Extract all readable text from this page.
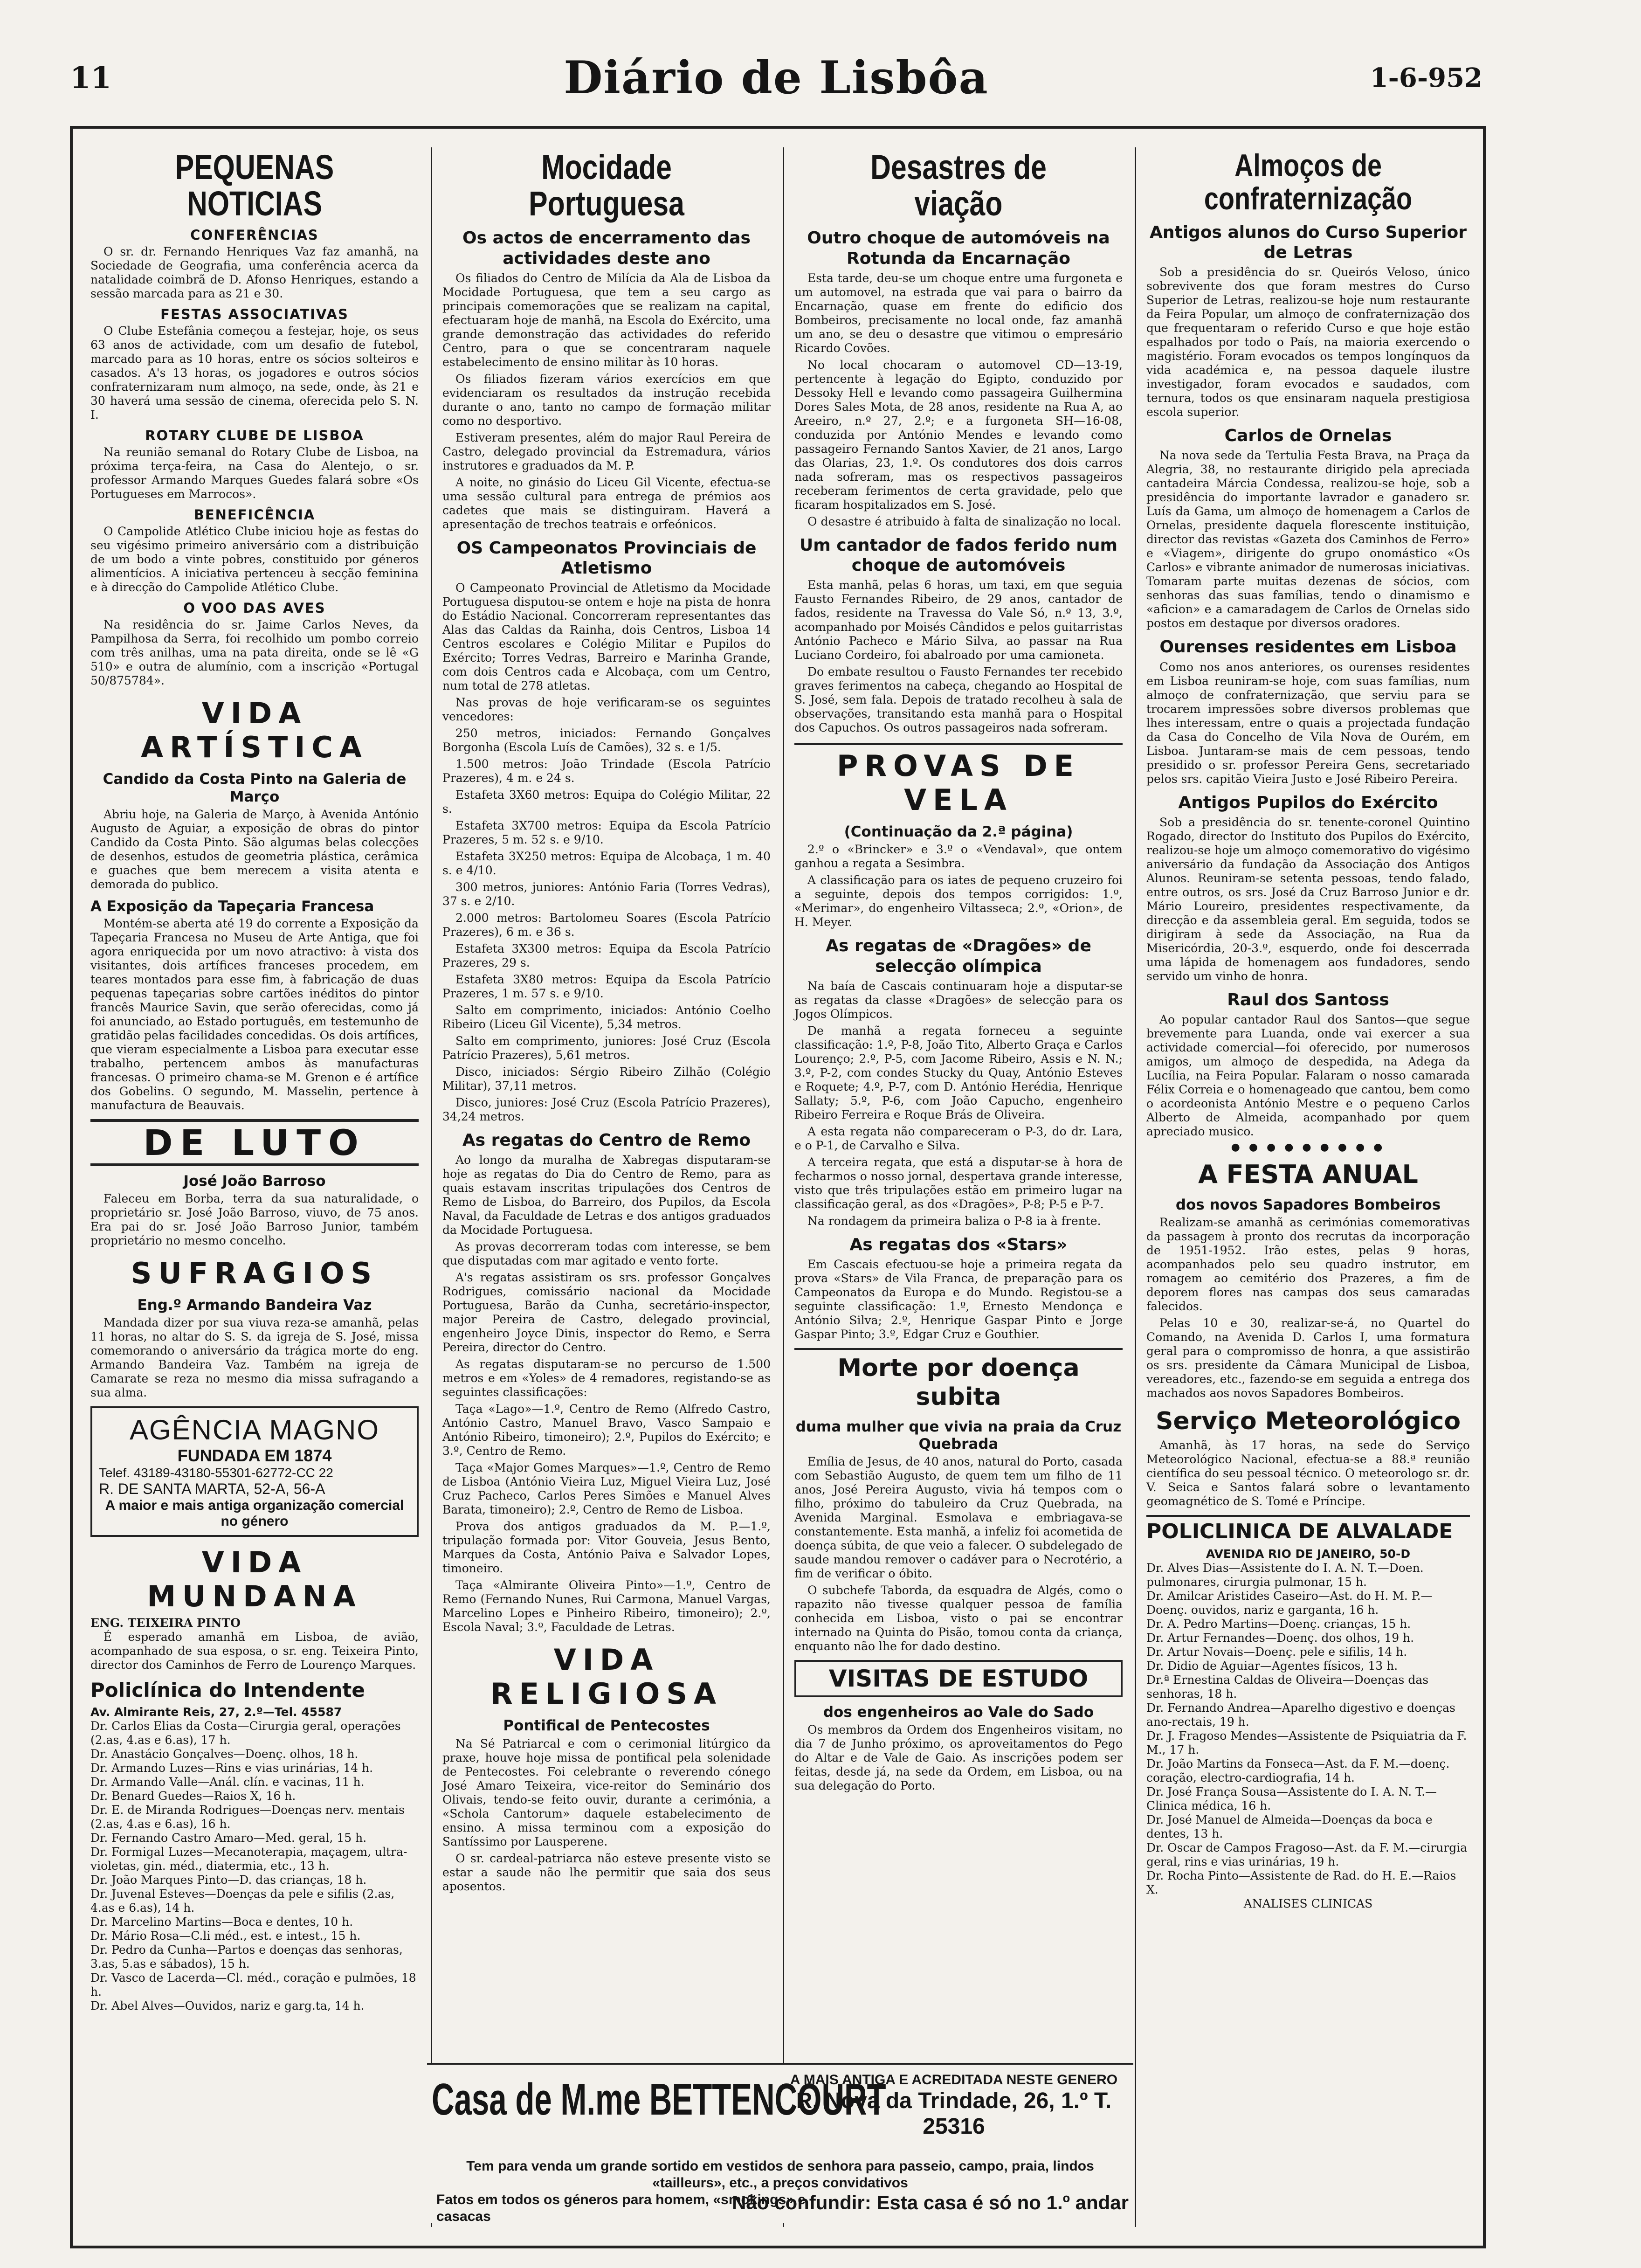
11	Diário de Lisbôa	1-6-952
PEQUENAS NOTICIAS
CONFERÊNCIAS

O sr. dr. Fernando Henriques Vaz faz amanhã, na Sociedade de Geografia, uma conferência acerca da natalidade coimbrã de D. Afonso Henriques, estando a sessão marcada para as 21 e 30.

FESTAS ASSOCIATIVAS

O Clube Estefânia começou a festejar, hoje, os seus 63 anos de actividade, com um desafio de futebol, marcado para as 10 horas, entre os sócios solteiros e casados. A's 13 horas, os jogadores e outros sócios confraternizaram num almoço, na sede, onde, às 21 e 30 haverá uma sessão de cinema, oferecida pelo S. N. I.

ROTARY CLUBE DE LISBOA

Na reunião semanal do Rotary Clube de Lisboa, na próxima terça-feira, na Casa do Alentejo, o sr. professor Armando Marques Guedes falará sobre «Os Portugueses em Marrocos».

BENEFICÊNCIA

O Campolide Atlético Clube iniciou hoje as festas do seu vigésimo primeiro aniversário com a distribuição de um bodo a vinte pobres, constituido por géneros alimentícios. A iniciativa pertenceu à secção feminina e à direcção do Campolide Atlético Clube.

O VOO DAS AVES

Na residência do sr. Jaime Carlos Neves, da Pampilhosa da Serra, foi recolhido um pombo correio com três anilhas, uma na pata direita, onde se lê «G 510» e outra de alumínio, com a inscrição «Portugal 50/875784».

VIDA ARTÍSTICA
Candido da Costa Pinto na Galeria de Março

Abriu hoje, na Galeria de Março, à Avenida António Augusto de Aguiar, a exposição de obras do pintor Candido da Costa Pinto. São algumas belas colecções de desenhos, estudos de geometria plástica, cerâmica e guaches que bem merecem a visita atenta e demorada do publico.

A Exposição da Tapeçaria Francesa

Montém-se aberta até 19 do corrente a Exposição da Tapeçaria Francesa no Museu de Arte Antiga, que foi agora enriquecida por um novo atractivo: à vista dos visitantes, dois artífices franceses procedem, em teares montados para esse fim, à fabricação de duas pequenas tapeçarias sobre cartões inéditos do pintor francês Maurice Savin, que serão oferecidas, como já foi anunciado, ao Estado português, em testemunho de gratidão pelas facilidades concedidas. Os dois artífices, que vieram especialmente a Lisboa para executar esse trabalho, pertencem ambos às manufacturas francesas. O primeiro chama-se M. Grenon e é artífice dos Gobelins. O segundo, M. Masselin, pertence à manufactura de Beauvais.

DE LUTO
José João Barroso

Faleceu em Borba, terra da sua naturalidade, o proprietário sr. José João Barroso, viuvo, de 75 anos. Era pai do sr. José João Barroso Junior, também proprietário no mesmo concelho.

SUFRAGIOS
Eng.º Armando Bandeira Vaz

Mandada dizer por sua viuva reza-se amanhã, pelas 11 horas, no altar do S. S. da igreja de S. José, missa comemorando o aniversário da trágica morte do eng. Armando Bandeira Vaz. Também na igreja de Camarate se reza no mesmo dia missa sufragando a sua alma.

AGÊNCIA MAGNO
FUNDADA EM 1874
Telef. 43189-43180-55301-62772-CC 22
R. DE SANTA MARTA, 52-A, 56-A
A maior e mais antiga organização comercial no género
VIDA MUNDANA
ENG. TEIXEIRA PINTO

É esperado amanhã em Lisboa, de avião, acompanhado de sua esposa, o sr. eng. Teixeira Pinto, director dos Caminhos de Ferro de Lourenço Marques.

Policlínica do Intendente
Av. Almirante Reis, 27, 2.º—Tel. 45587
Dr. Carlos Elias da Costa—Cirurgia geral, operações (2.as, 4.as e 6.as), 17 h.
Dr. Anastácio Gonçalves—Doenç. olhos, 18 h.
Dr. Armando Luzes—Rins e vias urinárias, 14 h.
Dr. Armando Valle—Anál. clín. e vacinas, 11 h.
Dr. Benard Guedes—Raios X, 16 h.
Dr. E. de Miranda Rodrigues—Doenças nerv. mentais (2.as, 4.as e 6.as), 16 h.
Dr. Fernando Castro Amaro—Med. geral, 15 h.
Dr. Formigal Luzes—Mecanoterapia, maçagem, ultra-violetas, gin. méd., diatermia, etc., 13 h.
Dr. João Marques Pinto—D. das crianças, 18 h.
Dr. Juvenal Esteves—Doenças da pele e sifilis (2.as, 4.as e 6.as), 14 h.
Dr. Marcelino Martins—Boca e dentes, 10 h.
Dr. Mário Rosa—C.li méd., est. e intest., 15 h.
Dr. Pedro da Cunha—Partos e doenças das senhoras, 3.as, 5.as e sábados), 15 h.
Dr. Vasco de Lacerda—Cl. méd., coração e pulmões, 18 h.
Dr. Abel Alves—Ouvidos, nariz e garg.ta, 14 h.
Mocidade Portuguesa
Os actos de encerramento das actividades deste ano

Os filiados do Centro de Milícia da Ala de Lisboa da Mocidade Portuguesa, que tem a seu cargo as principais comemorações que se realizam na capital, efectuaram hoje de manhã, na Escola do Exército, uma grande demonstração das actividades do referido Centro, para o que se concentraram naquele estabelecimento de ensino militar às 10 horas.

Os filiados fizeram vários exercícios em que evidenciaram os resultados da instrução recebida durante o ano, tanto no campo de formação militar como no desportivo.

Estiveram presentes, além do major Raul Pereira de Castro, delegado provincial da Estremadura, vários instrutores e graduados da M. P.

A noite, no ginásio do Liceu Gil Vicente, efectua-se uma sessão cultural para entrega de prémios aos cadetes que mais se distinguiram. Haverá a apresentação de trechos teatrais e orfeónicos.

OS Campeonatos Provinciais de Atletismo

O Campeonato Provincial de Atletismo da Mocidade Portuguesa disputou-se ontem e hoje na pista de honra do Estádio Nacional. Concorreram representantes das Alas das Caldas da Rainha, dois Centros, Lisboa 14 Centros escolares e Colégio Militar e Pupilos do Exército; Torres Vedras, Barreiro e Marinha Grande, com dois Centros cada e Alcobaça, com um Centro, num total de 278 atletas.

Nas provas de hoje verificaram-se os seguintes vencedores:

250 metros, iniciados: Fernando Gonçalves Borgonha (Escola Luís de Camões), 32 s. e 1/5.

1.500 metros: João Trindade (Escola Patrício Prazeres), 4 m. e 24 s.

Estafeta 3X60 metros: Equipa do Colégio Militar, 22 s.

Estafeta 3X700 metros: Equipa da Escola Patrício Prazeres, 5 m. 52 s. e 9/10.

Estafeta 3X250 metros: Equipa de Alcobaça, 1 m. 40 s. e 4/10.

300 metros, juniores: António Faria (Torres Vedras), 37 s. e 2/10.

2.000 metros: Bartolomeu Soares (Escola Patrício Prazeres), 6 m. e 36 s.

Estafeta 3X300 metros: Equipa da Escola Patrício Prazeres, 29 s.

Estafeta 3X80 metros: Equipa da Escola Patrício Prazeres, 1 m. 57 s. e 9/10.

Salto em comprimento, iniciados: António Coelho Ribeiro (Liceu Gil Vicente), 5,34 metros.

Salto em comprimento, juniores: José Cruz (Escola Patrício Prazeres), 5,61 metros.

Disco, iniciados: Sérgio Ribeiro Zilhão (Colégio Militar), 37,11 metros.

Disco, juniores: José Cruz (Escola Patrício Prazeres), 34,24 metros.

As regatas do Centro de Remo

Ao longo da muralha de Xabregas disputaram-se hoje as regatas do Dia do Centro de Remo, para as quais estavam inscritas tripulações dos Centros de Remo de Lisboa, do Barreiro, dos Pupilos, da Escola Naval, da Faculdade de Letras e dos antigos graduados da Mocidade Portuguesa.

As provas decorreram todas com interesse, se bem que disputadas com mar agitado e vento forte.

A's regatas assistiram os srs. professor Gonçalves Rodrigues, comissário nacional da Mocidade Portuguesa, Barão da Cunha, secretário-inspector, major Pereira de Castro, delegado provincial, engenheiro Joyce Dinis, inspector do Remo, e Serra Pereira, director do Centro.

As regatas disputaram-se no percurso de 1.500 metros e em «Yoles» de 4 remadores, registando-se as seguintes classificações:

Taça «Lago»—1.º, Centro de Remo (Alfredo Castro, António Castro, Manuel Bravo, Vasco Sampaio e António Ribeiro, timoneiro); 2.º, Pupilos do Exército; e 3.º, Centro de Remo.

Taça «Major Gomes Marques»—1.º, Centro de Remo de Lisboa (António Vieira Luz, Miguel Vieira Luz, José Cruz Pacheco, Carlos Peres Simões e Manuel Alves Barata, timoneiro); 2.º, Centro de Remo de Lisboa.

Prova dos antigos graduados da M. P.—1.º, tripulação formada por: Vitor Gouveia, Jesus Bento, Marques da Costa, António Paiva e Salvador Lopes, timoneiro.

Taça «Almirante Oliveira Pinto»—1.º, Centro de Remo (Fernando Nunes, Rui Carmona, Manuel Vargas, Marcelino Lopes e Pinheiro Ribeiro, timoneiro); 2.º, Escola Naval; 3.º, Faculdade de Letras.

VIDA RELIGIOSA
Pontifical de Pentecostes

Na Sé Patriarcal e com o cerimonial litúrgico da praxe, houve hoje missa de pontifical pela solenidade de Pentecostes. Foi celebrante o reverendo cónego José Amaro Teixeira, vice-reitor do Seminário dos Olivais, tendo-se feito ouvir, durante a cerimónia, a «Schola Cantorum» daquele estabelecimento de ensino. A missa terminou com a exposição do Santíssimo por Lausperene.

O sr. cardeal-patriarca não esteve presente visto se estar a saude não lhe permitir que saia dos seus aposentos.

Desastres de viação
Outro choque de automóveis na Rotunda da Encarnação

Esta tarde, deu-se um choque entre uma furgoneta e um automovel, na estrada que vai para o bairro da Encarnação, quase em frente do edificio dos Bombeiros, precisamente no local onde, faz amanhã um ano, se deu o desastre que vitimou o empresário Ricardo Covões.

No local chocaram o automovel CD—13-19, pertencente à legação do Egipto, conduzido por Dessoky Hell e levando como passageira Guilhermina Dores Sales Mota, de 28 anos, residente na Rua A, ao Areeiro, n.º 27, 2.º; e a furgoneta SH—16-08, conduzida por António Mendes e levando como passageiro Fernando Santos Xavier, de 21 anos, Largo das Olarias, 23, 1.º. Os condutores dos dois carros nada sofreram, mas os respectivos passageiros receberam ferimentos de certa gravidade, pelo que ficaram hospitalizados em S. José.

O desastre é atribuido à falta de sinalização no local.

Um cantador de fados ferido num choque de automóveis

Esta manhã, pelas 6 horas, um taxi, em que seguia Fausto Fernandes Ribeiro, de 29 anos, cantador de fados, residente na Travessa do Vale Só, n.º 13, 3.º, acompanhado por Moisés Cândidos e pelos guitarristas António Pacheco e Mário Silva, ao passar na Rua Luciano Cordeiro, foi abalroado por uma camioneta.

Do embate resultou o Fausto Fernandes ter recebido graves ferimentos na cabeça, chegando ao Hospital de S. José, sem fala. Depois de tratado recolheu à sala de observações, transitando esta manhã para o Hospital dos Capuchos. Os outros passageiros nada sofreram.

PROVAS DE VELA
(Continuação da 2.ª página)

2.º o «Brincker» e 3.º o «Vendaval», que ontem ganhou a regata a Sesimbra.

A classificação para os iates de pequeno cruzeiro foi a seguinte, depois dos tempos corrigidos: 1.º, «Merimar», do engenheiro Viltasseca; 2.º, «Orion», de H. Meyer.

As regatas de «Dragões» de selecção olímpica

Na baía de Cascais continuaram hoje a disputar-se as regatas da classe «Dragões» de selecção para os Jogos Olímpicos.

De manhã a regata forneceu a seguinte classificação: 1.º, P-8, João Tito, Alberto Graça e Carlos Lourenço; 2.º, P-5, com Jacome Ribeiro, Assis e N. N.; 3.º, P-2, com condes Stucky du Quay, António Esteves e Roquete; 4.º, P-7, com D. António Herédia, Henrique Sallaty; 5.º, P-6, com João Capucho, engenheiro Ribeiro Ferreira e Roque Brás de Oliveira.

A esta regata não compareceram o P-3, do dr. Lara, e o P-1, de Carvalho e Silva.

A terceira regata, que está a disputar-se à hora de fecharmos o nosso jornal, despertava grande interesse, visto que três tripulações estão em primeiro lugar na classificação geral, as dos «Dragões», P-8; P-5 e P-7.

Na rondagem da primeira baliza o P-8 ia à frente.

As regatas dos «Stars»

Em Cascais efectuou-se hoje a primeira regata da prova «Stars» de Vila Franca, de preparação para os Campeonatos da Europa e do Mundo. Registou-se a seguinte classificação: 1.º, Ernesto Mendonça e António Silva; 2.º, Henrique Gaspar Pinto e Jorge Gaspar Pinto; 3.º, Edgar Cruz e Gouthier.

Morte por doença subita
duma mulher que vivia na praia da Cruz Quebrada

Emília de Jesus, de 40 anos, natural do Porto, casada com Sebastião Augusto, de quem tem um filho de 11 anos, José Pereira Augusto, vivia há tempos com o filho, próximo do tabuleiro da Cruz Quebrada, na Avenida Marginal. Esmolava e embriagava-se constantemente. Esta manhã, a infeliz foi acometida de doença súbita, de que veio a falecer. O subdelegado de saude mandou remover o cadáver para o Necrotério, a fim de verificar o óbito.

O subchefe Taborda, da esquadra de Algés, como o rapazito não tivesse qualquer pessoa de família conhecida em Lisboa, visto o pai se encontrar internado na Quinta do Pisão, tomou conta da criança, enquanto não lhe for dado destino.

VISITAS DE ESTUDO
dos engenheiros ao Vale do Sado

Os membros da Ordem dos Engenheiros visitam, no dia 7 de Junho próximo, os aproveitamentos do Pego do Altar e de Vale de Gaio. As inscrições podem ser feitas, desde já, na sede da Ordem, em Lisboa, ou na sua delegação do Porto.

Almoços de confraternização
Antigos alunos do Curso Superior de Letras

Sob a presidência do sr. Queirós Veloso, único sobrevivente dos que foram mestres do Curso Superior de Letras, realizou-se hoje num restaurante da Feira Popular, um almoço de confraternização dos que frequentaram o referido Curso e que hoje estão espalhados por todo o País, na maioria exercendo o magistério. Foram evocados os tempos longínquos da vida académica e, na pessoa daquele ilustre investigador, foram evocados e saudados, com ternura, todos os que ensinaram naquela prestigiosa escola superior.

Carlos de Ornelas

Na nova sede da Tertulia Festa Brava, na Praça da Alegria, 38, no restaurante dirigido pela apreciada cantadeira Márcia Condessa, realizou-se hoje, sob a presidência do importante lavrador e ganadero sr. Luís da Gama, um almoço de homenagem a Carlos de Ornelas, presidente daquela florescente instituição, director das revistas «Gazeta dos Caminhos de Ferro» e «Viagem», dirigente do grupo onomástico «Os Carlos» e vibrante animador de numerosas iniciativas. Tomaram parte muitas dezenas de sócios, com senhoras das suas famílias, tendo o dinamismo e «aficion» e a camaradagem de Carlos de Ornelas sido postos em destaque por diversos oradores.

Ourenses residentes em Lisboa

Como nos anos anteriores, os ourenses residentes em Lisboa reuniram-se hoje, com suas famílias, num almoço de confraternização, que serviu para se trocarem impressões sobre diversos problemas que lhes interessam, entre o quais a projectada fundação da Casa do Concelho de Vila Nova de Ourém, em Lisboa. Juntaram-se mais de cem pessoas, tendo presidido o sr. professor Pereira Gens, secretariado pelos srs. capitão Vieira Justo e José Ribeiro Pereira.

Antigos Pupilos do Exército

Sob a presidência do sr. tenente-coronel Quintino Rogado, director do Instituto dos Pupilos do Exército, realizou-se hoje um almoço comemorativo do vigésimo aniversário da fundação da Associação dos Antigos Alunos. Reuniram-se setenta pessoas, tendo falado, entre outros, os srs. José da Cruz Barroso Junior e dr. Mário Loureiro, presidentes respectivamente, da direcção e da assembleia geral. Em seguida, todos se dirigiram à sede da Associação, na Rua da Misericórdia, 20-3.º, esquerdo, onde foi descerrada uma lápida de homenagem aos fundadores, sendo servido um vinho de honra.

Raul dos Santoss

Ao popular cantador Raul dos Santos—que segue brevemente para Luanda, onde vai exercer a sua actividade comercial—foi oferecido, por numerosos amigos, um almoço de despedida, na Adega da Lucília, na Feira Popular. Falaram o nosso camarada Félix Correia e o homenageado que cantou, bem como o acordeonista António Mestre e o pequeno Carlos Alberto de Almeida, acompanhado por quem apreciado musico.

● ● ● ● ● ● ● ● ●
A FESTA ANUAL
dos novos Sapadores Bombeiros

Realizam-se amanhã as cerimónias comemorativas da passagem à pronto dos recrutas da incorporação de 1951-1952. Irão estes, pelas 9 horas, acompanhados pelo seu quadro instrutor, em romagem ao cemitério dos Prazeres, a fim de deporem flores nas campas dos seus camaradas falecidos.

Pelas 10 e 30, realizar-se-á, no Quartel do Comando, na Avenida D. Carlos I, uma formatura geral para o compromisso de honra, a que assistirão os srs. presidente da Câmara Municipal de Lisboa, vereadores, etc., fazendo-se em seguida a entrega dos machados aos novos Sapadores Bombeiros.

Serviço Meteorológico

Amanhã, às 17 horas, na sede do Serviço Meteorológico Nacional, efectua-se a 88.ª reunião científica do seu pessoal técnico. O meteorologo sr. dr. V. Seica e Santos falará sobre o levantamento geomagnético de S. Tomé e Príncipe.

POLICLINICA DE ALVALADE
AVENIDA RIO DE JANEIRO, 50-D
Dr. Alves Dias—Assistente do I. A. N. T.—Doen. pulmonares, cirurgia pulmonar, 15 h.
Dr. Amilcar Aristides Caseiro—Ast. do H. M. P.—Doenç. ouvidos, nariz e garganta, 16 h.
Dr. A. Pedro Martins—Doenç. crianças, 15 h.
Dr. Artur Fernandes—Doenç. dos olhos, 19 h.
Dr. Artur Novais—Doenç. pele e sifilis, 14 h.
Dr. Didio de Aguiar—Agentes físicos, 13 h.
Dr.ª Ernestina Caldas de Oliveira—Doenças das senhoras, 18 h.
Dr. Fernando Andrea—Aparelho digestivo e doenças ano-rectais, 19 h.
Dr. J. Fragoso Mendes—Assistente de Psiquiatria da F. M., 17 h.
Dr. João Martins da Fonseca—Ast. da F. M.—doenç. coração, electro-cardiografia, 14 h.
Dr. José França Sousa—Assistente do I. A. N. T.—Clinica médica, 16 h.
Dr. José Manuel de Almeida—Doenças da boca e dentes, 13 h.
Dr. Oscar de Campos Fragoso—Ast. da F. M.—cirurgia geral, rins e vias urinárias, 19 h.
Dr. Rocha Pinto—Assistente de Rad. do H. E.—Raios X.
ANALISES CLINICAS
Casa de M.me BETTENCOURT
A MAIS ANTIGA E ACREDITADA NESTE GENERO
R. Nova da Trindade, 26, 1.º T. 25316
Tem para venda um grande sortido em vestidos de senhora para passeio, campo, praia, lindos «tailleurs», etc., a preços convidativos
Fatos em todos os géneros para homem, «smokings» e casacas
Não confundir: Esta casa é só no 1.º andar
